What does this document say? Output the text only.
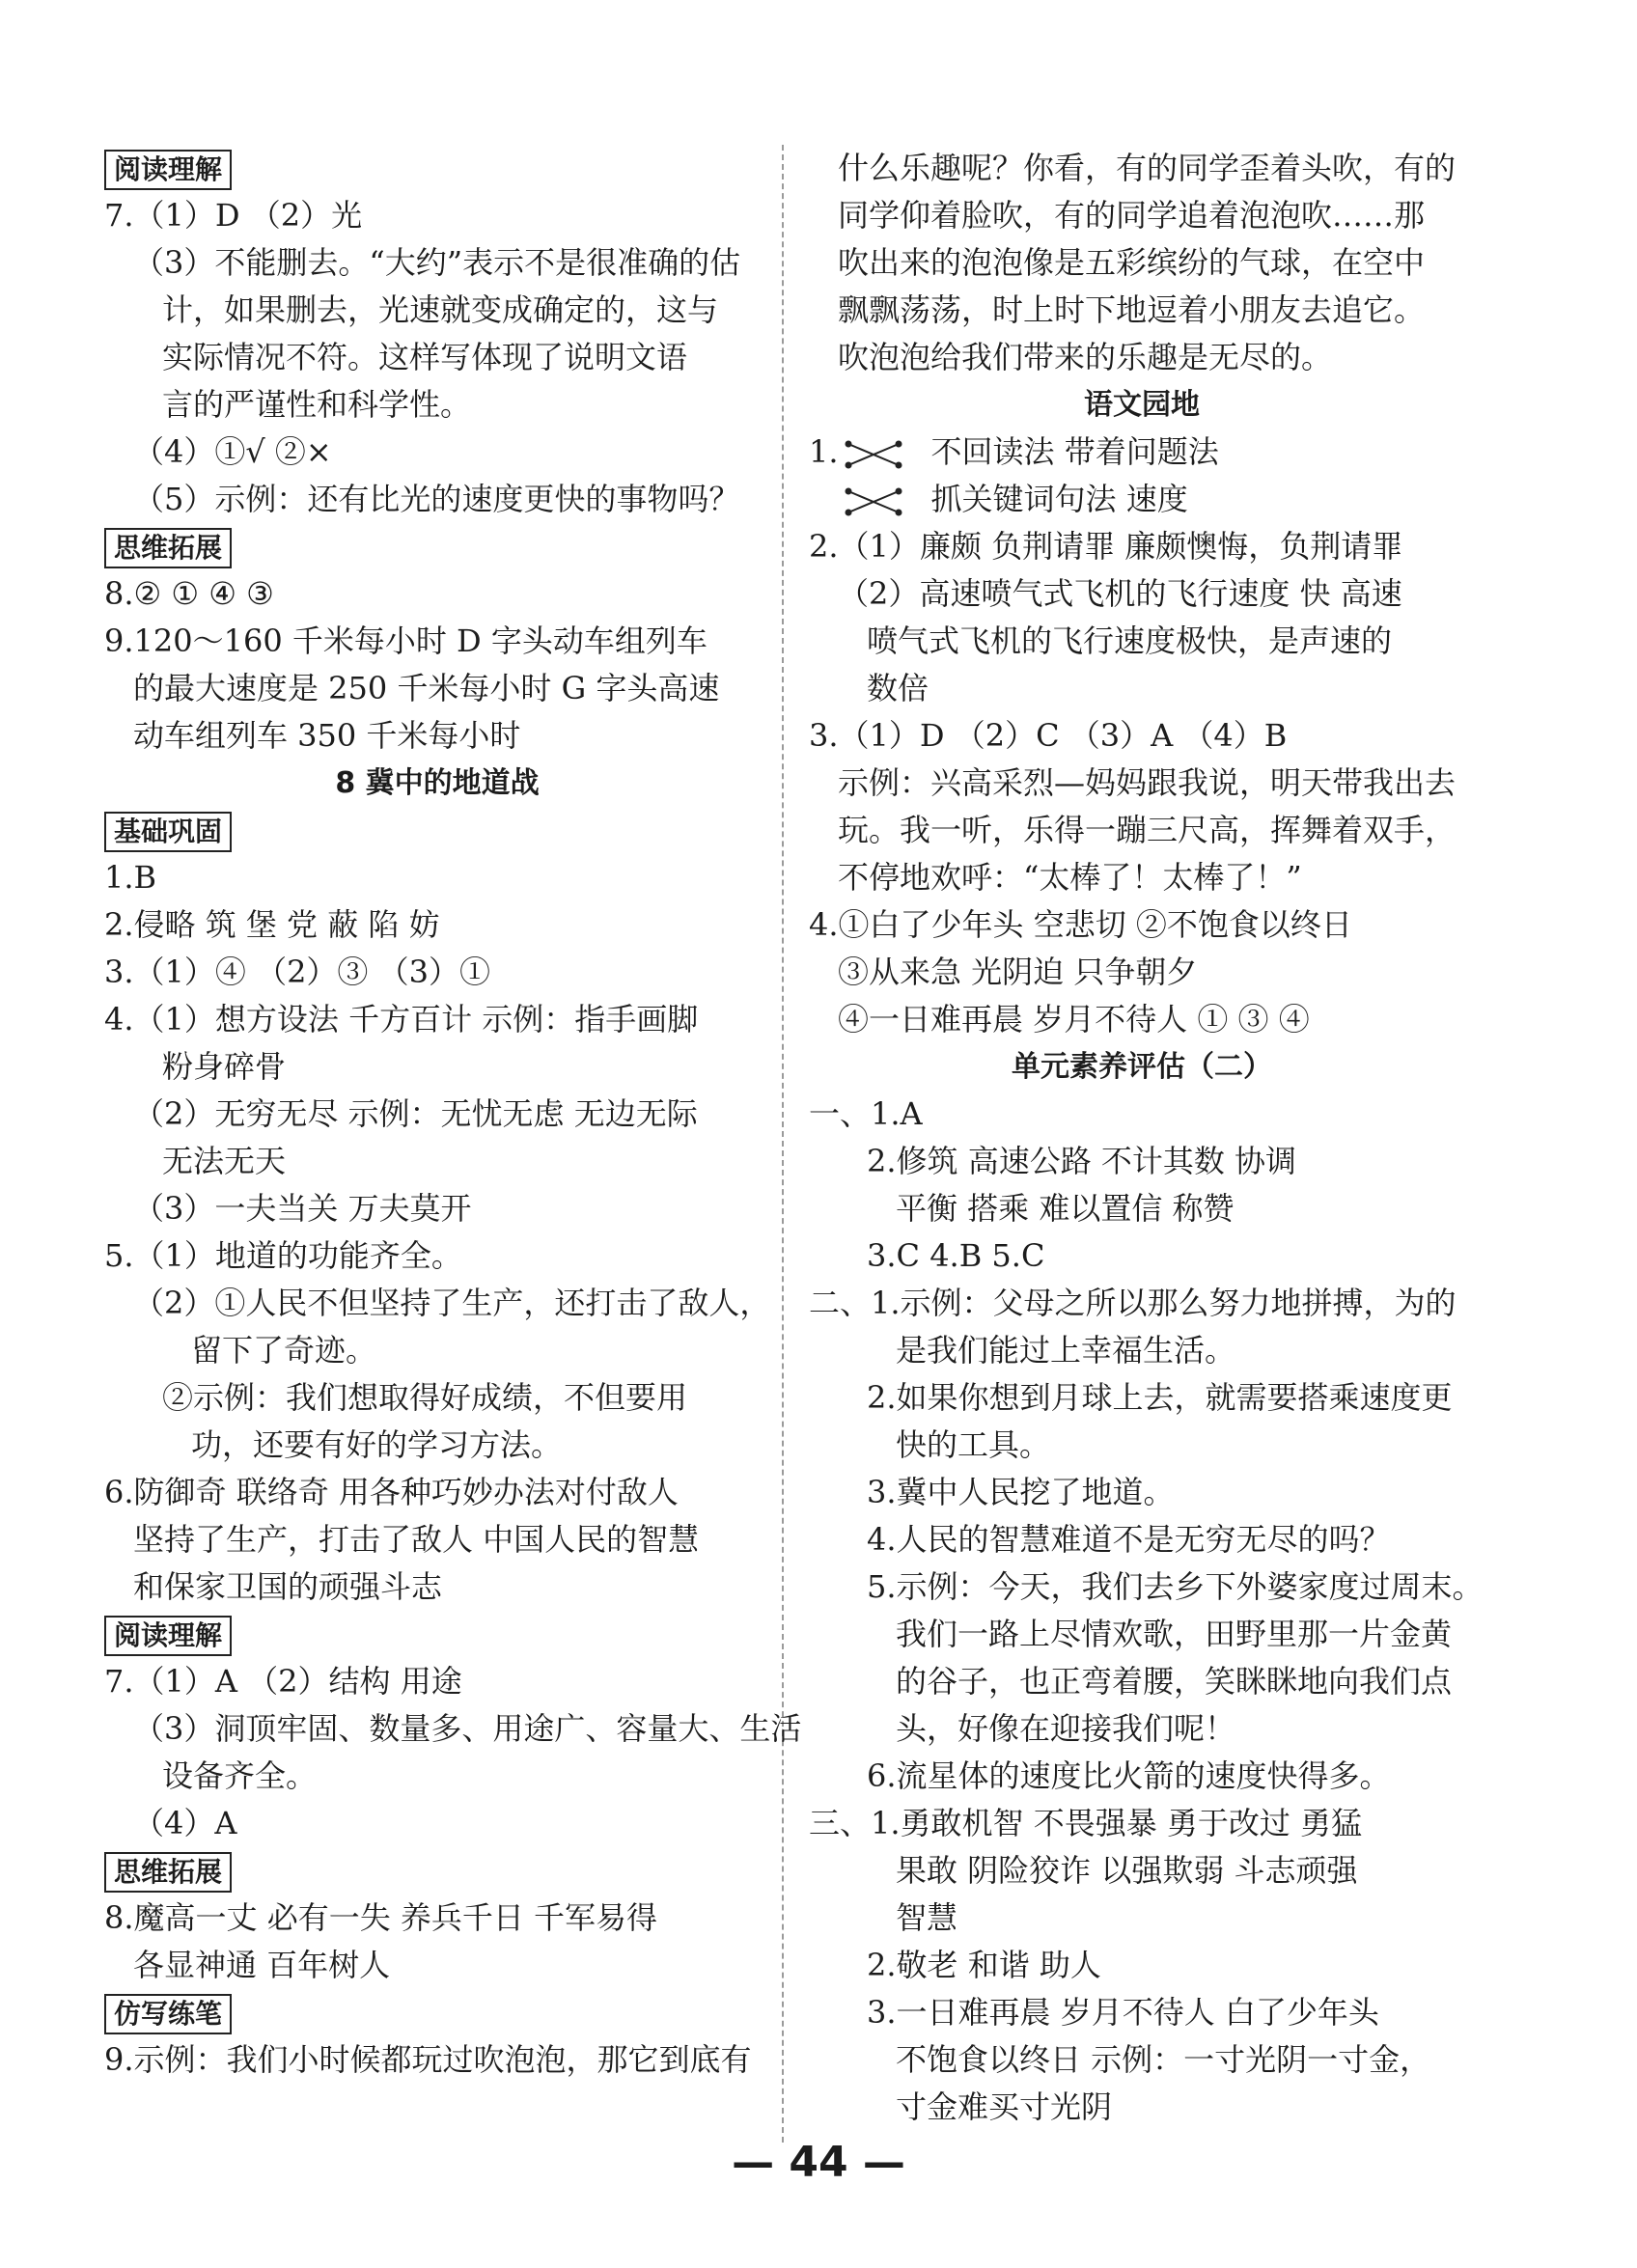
阅读理解
7.（1）D （2）光
（3）不能删去。“大约”表示不是很准确的估
计，如果删去，光速就变成确定的，这与
实际情况不符。这样写体现了说明文语
言的严谨性和科学性。
（4）①√ ②×
（5）示例：还有比光的速度更快的事物吗？
思维拓展
8.② ① ④ ③
9.120～160 千米每小时 D 字头动车组列车
的最大速度是 250 千米每小时 G 字头高速
动车组列车 350 千米每小时
8 冀中的地道战
基础巩固
1.B
2.侵略 筑 堡 党 蔽 陷 妨
3.（1）④ （2）③ （3）①
4.（1）想方设法 千方百计 示例：指手画脚
粉身碎骨
（2）无穷无尽 示例：无忧无虑 无边无际
无法无天
（3）一夫当关 万夫莫开
5.（1）地道的功能齐全。
（2）①人民不但坚持了生产，还打击了敌人，
留下了奇迹。
②示例：我们想取得好成绩，不但要用
功，还要有好的学习方法。
6.防御奇 联络奇 用各种巧妙办法对付敌人
坚持了生产，打击了敌人 中国人民的智慧
和保家卫国的顽强斗志
阅读理解
7.（1）A （2）结构 用途
（3）洞顶牢固、数量多、用途广、容量大、生活
设备齐全。
（4）A
思维拓展
8.魔高一丈 必有一失 养兵千日 千军易得
各显神通 百年树人
仿写练笔
9.示例：我们小时候都玩过吹泡泡，那它到底有
什么乐趣呢？你看，有的同学歪着头吹，有的
同学仰着脸吹，有的同学追着泡泡吹……那
吹出来的泡泡像是五彩缤纷的气球，在空中
飘飘荡荡，时上时下地逗着小朋友去追它。
吹泡泡给我们带来的乐趣是无尽的。
语文园地
1.	不回读法 带着问题法
抓关键词句法 速度
2.（1）廉颇 负荆请罪 廉颇懊悔，负荆请罪
（2）高速喷气式飞机的飞行速度 快 高速
喷气式飞机的飞行速度极快，是声速的
数倍
3.（1）D （2）C （3）A （4）B
示例：兴高采烈—妈妈跟我说，明天带我出去
玩。我一听，乐得一蹦三尺高，挥舞着双手，
不停地欢呼：“太棒了！太棒了！”
4.①白了少年头 空悲切 ②不饱食以终日
③从来急 光阴迫 只争朝夕
④一日难再晨 岁月不待人 ① ③ ④
单元素养评估（二）
一、1.A
2.修筑 高速公路 不计其数 协调
平衡 搭乘 难以置信 称赞
3.C 4.B 5.C
二、1.示例：父母之所以那么努力地拼搏，为的
是我们能过上幸福生活。
2.如果你想到月球上去，就需要搭乘速度更
快的工具。
3.冀中人民挖了地道。
4.人民的智慧难道不是无穷无尽的吗？
5.示例：今天，我们去乡下外婆家度过周末。
我们一路上尽情欢歌，田野里那一片金黄
的谷子，也正弯着腰，笑眯眯地向我们点
头，好像在迎接我们呢！
6.流星体的速度比火箭的速度快得多。
三、1.勇敢机智 不畏强暴 勇于改过 勇猛
果敢 阴险狡诈 以强欺弱 斗志顽强
智慧
2.敬老 和谐 助人
3.一日难再晨 岁月不待人 白了少年头
不饱食以终日 示例：一寸光阴一寸金，
寸金难买寸光阴
— 44 —
